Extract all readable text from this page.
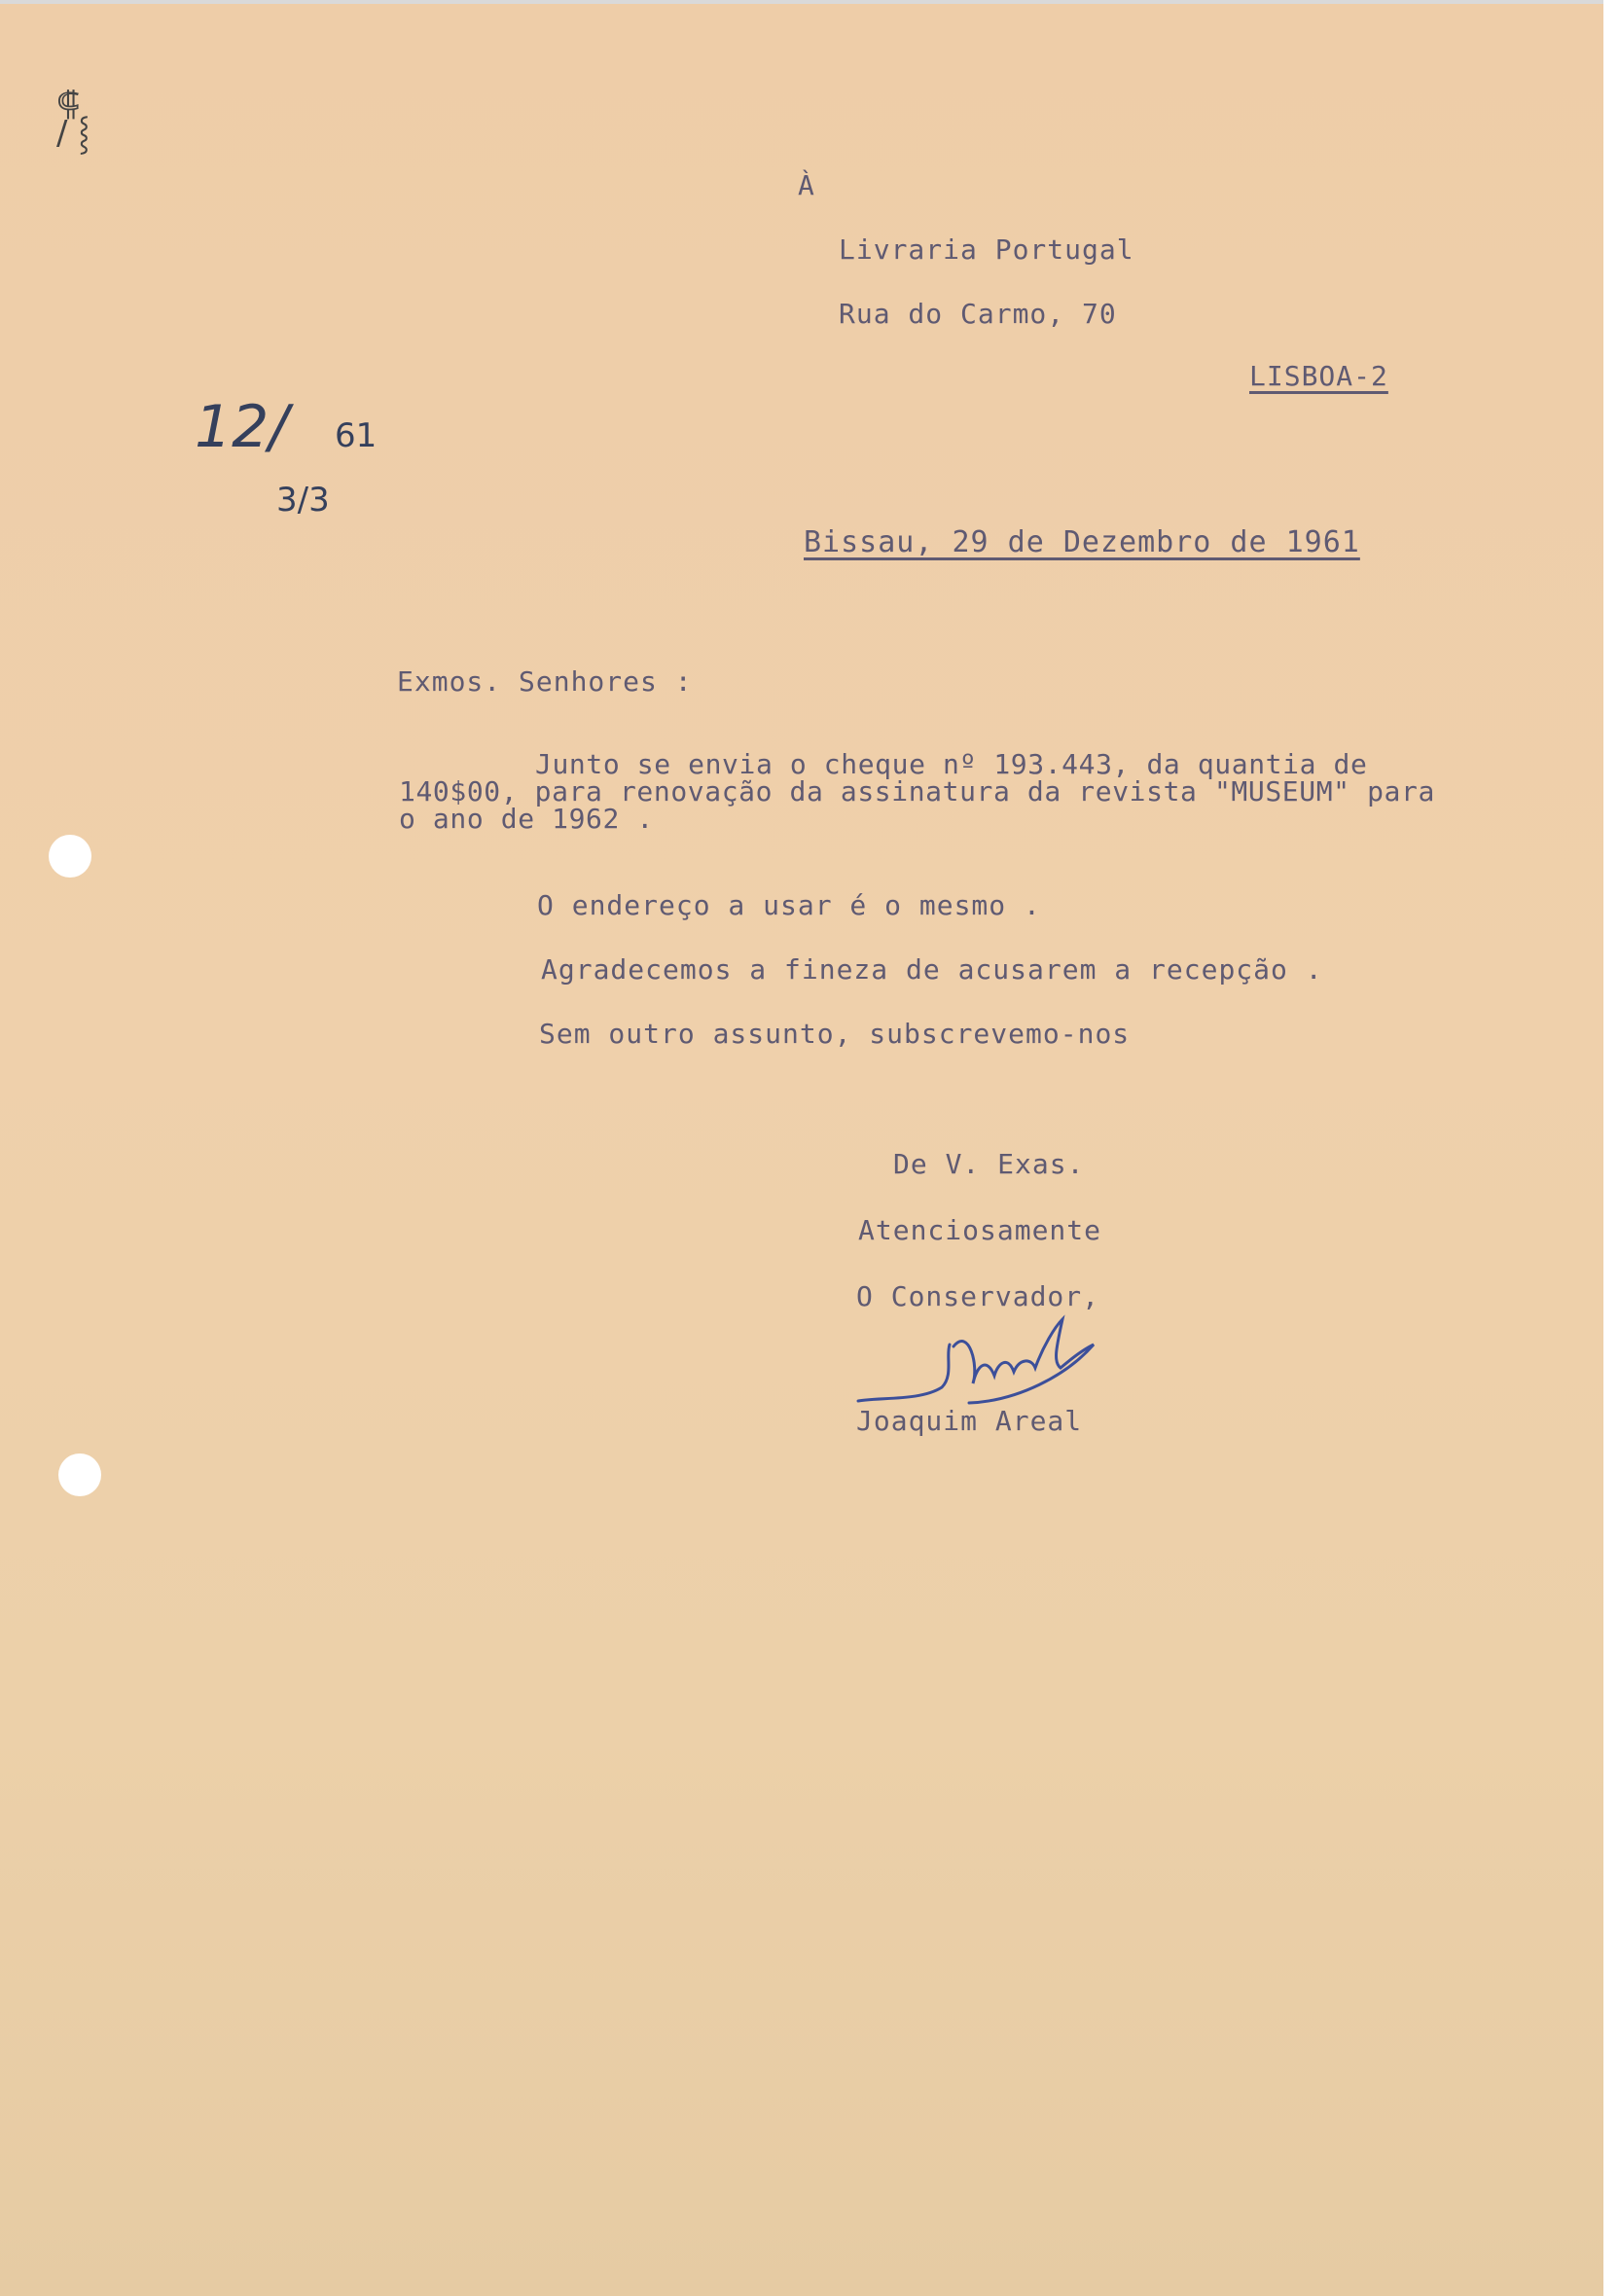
⸿
/ ⸾
12/ 61
3/3

À

Livraria Portugal

Rua do Carmo, 70

LISBOA-2

Bissau, 29 de Dezembro de 1961

Exmos. Senhores :

Junto se envia o cheque nº 193.443, da quantia de
140$00, para renovação da assinatura da revista "MUSEUM" para
o ano de 1962 .

O endereço a usar é o mesmo .

Agradecemos a fineza de acusarem a recepção .

Sem outro assunto, subscrevemo-nos

De V. Exas.

Atenciosamente

O Conservador,

Joaquim Areal
